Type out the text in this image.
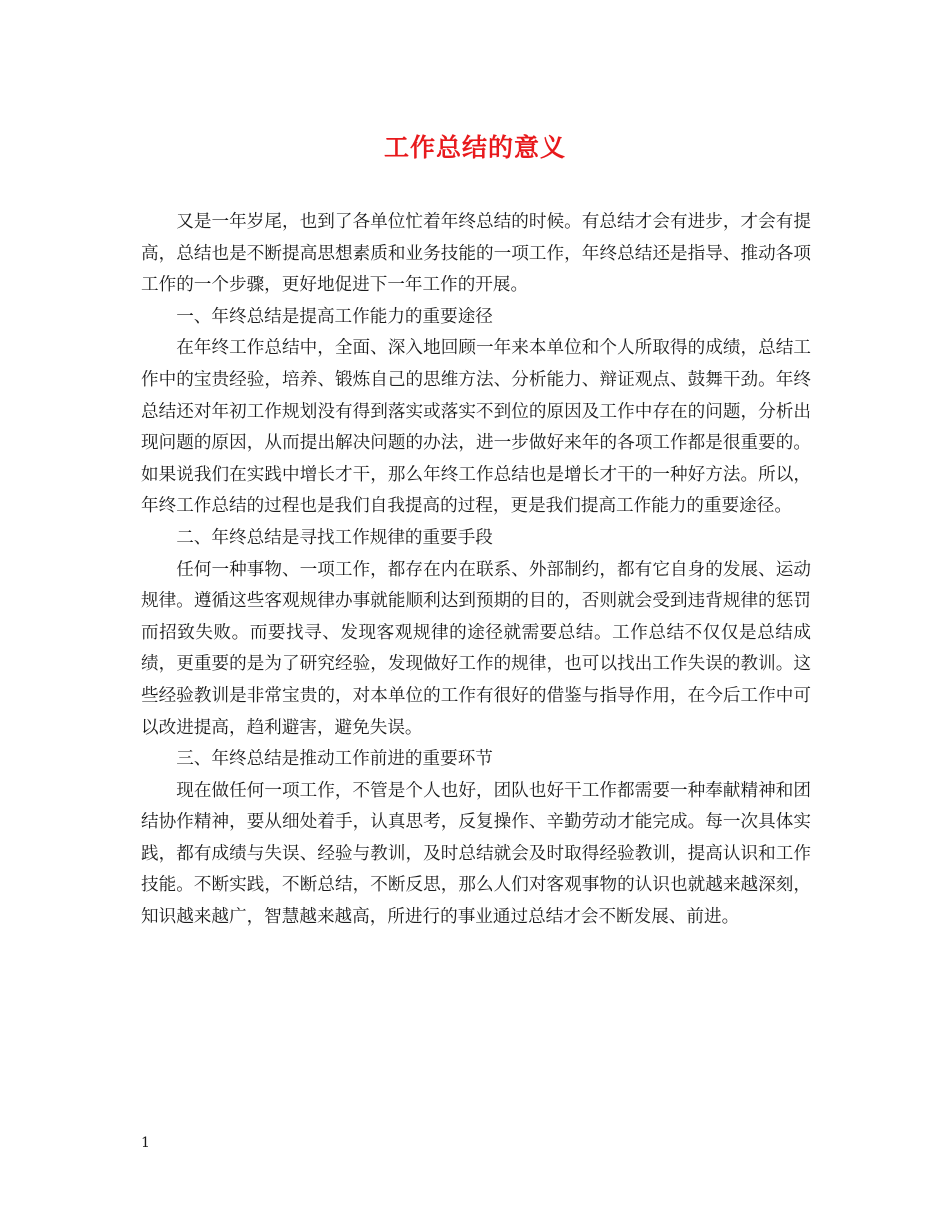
工作总结的意义

又是一年岁尾，也到了各单位忙着年终总结的时候。有总结才会有进步，才会有提高，总结也是不断提高思想素质和业务技能的一项工作，年终总结还是指导、推动各项工作的一个步骤，更好地促进下一年工作的开展。

一、年终总结是提高工作能力的重要途径

在年终工作总结中，全面、深入地回顾一年来本单位和个人所取得的成绩，总结工作中的宝贵经验，培养、锻炼自己的思维方法、分析能力、辩证观点、鼓舞干劲。年终总结还对年初工作规划没有得到落实或落实不到位的原因及工作中存在的问题，分析出现问题的原因，从而提出解决问题的办法，进一步做好来年的各项工作都是很重要的。如果说我们在实践中增长才干，那么年终工作总结也是增长才干的一种好方法。所以，年终工作总结的过程也是我们自我提高的过程，更是我们提高工作能力的重要途径。

二、年终总结是寻找工作规律的重要手段

任何一种事物、一项工作，都存在内在联系、外部制约，都有它自身的发展、运动规律。遵循这些客观规律办事就能顺利达到预期的目的，否则就会受到违背规律的惩罚而招致失败。而要找寻、发现客观规律的途径就需要总结。工作总结不仅仅是总结成绩，更重要的是为了研究经验，发现做好工作的规律，也可以找出工作失误的教训。这些经验教训是非常宝贵的，对本单位的工作有很好的借鉴与指导作用，在今后工作中可以改进提高，趋利避害，避免失误。

三、年终总结是推动工作前进的重要环节

现在做任何一项工作，不管是个人也好，团队也好干工作都需要一种奉献精神和团结协作精神，要从细处着手，认真思考，反复操作、辛勤劳动才能完成。每一次具体实践，都有成绩与失误、经验与教训，及时总结就会及时取得经验教训，提高认识和工作技能。不断实践，不断总结，不断反思，那么人们对客观事物的认识也就越来越深刻，知识越来越广，智慧越来越高，所进行的事业通过总结才会不断发展、前进。

1
